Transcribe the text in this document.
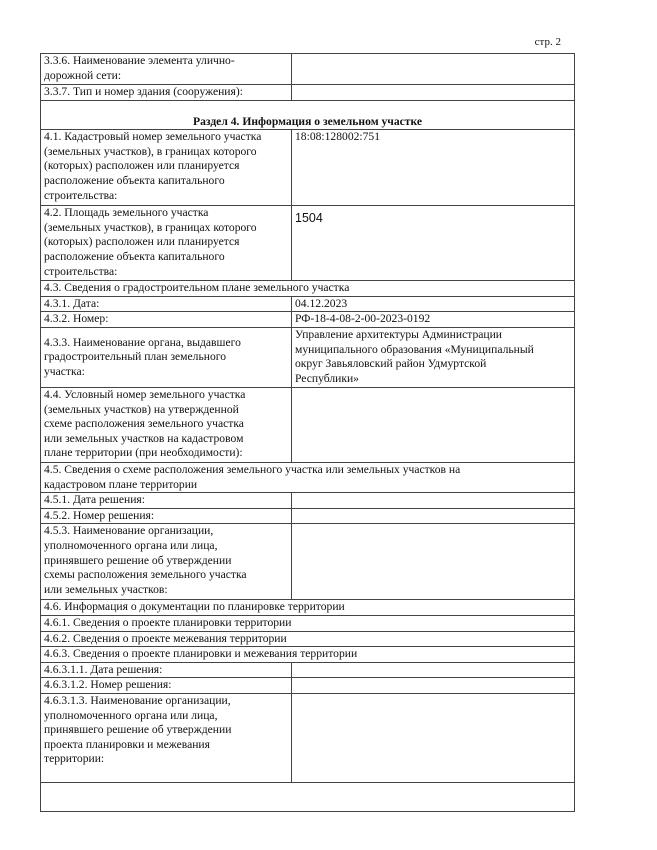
стр. 2
3.3.6. Наименование элемента улично-
дорожной сети:	
3.3.7. Тип и номер здания (сооружения):	
Раздел 4. Информация о земельном участке	
4.1. Кадастровый номер земельного участка
(земельных участков), в границах которого
(которых) расположен или планируется
расположение объекта капитального
строительства:	18:08:128002:751
4.2. Площадь земельного участка
(земельных участков), в границах которого
(которых) расположен или планируется
расположение объекта капитального
строительства:	1504
4.3. Сведения о градостроительном плане земельного участка	
4.3.1. Дата:	04.12.2023
4.3.2. Номер:	РФ-18-4-08-2-00-2023-0192
4.3.3. Наименование органа, выдавшего
градостроительный план земельного
участка:	Управление архитектуры Администрации
муниципального образования «Муниципальный
округ Завьяловский район Удмуртской
Республики»
4.4. Условный номер земельного участка
(земельных участков) на утвержденной
схеме расположения земельного участка
или земельных участков на кадастровом
плане территории (при необходимости):	
4.5. Сведения о схеме расположения земельного участка или земельных участков на
кадастровом плане территории	
4.5.1. Дата решения:	
4.5.2. Номер решения:	
4.5.3. Наименование организации,
уполномоченного органа или лица,
принявшего решение об утверждении
схемы расположения земельного участка
или земельных участков:	
4.6. Информация о документации по планировке территории	
4.6.1. Сведения о проекте планировки территории	
4.6.2. Сведения о проекте межевания территории	
4.6.3. Сведения о проекте планировки и межевания территории	
4.6.3.1.1. Дата решения:	
4.6.3.1.2. Номер решения:	
4.6.3.1.3. Наименование организации,
уполномоченного органа или лица,
принявшего решение об утверждении
проекта планировки и межевания
территории:	
